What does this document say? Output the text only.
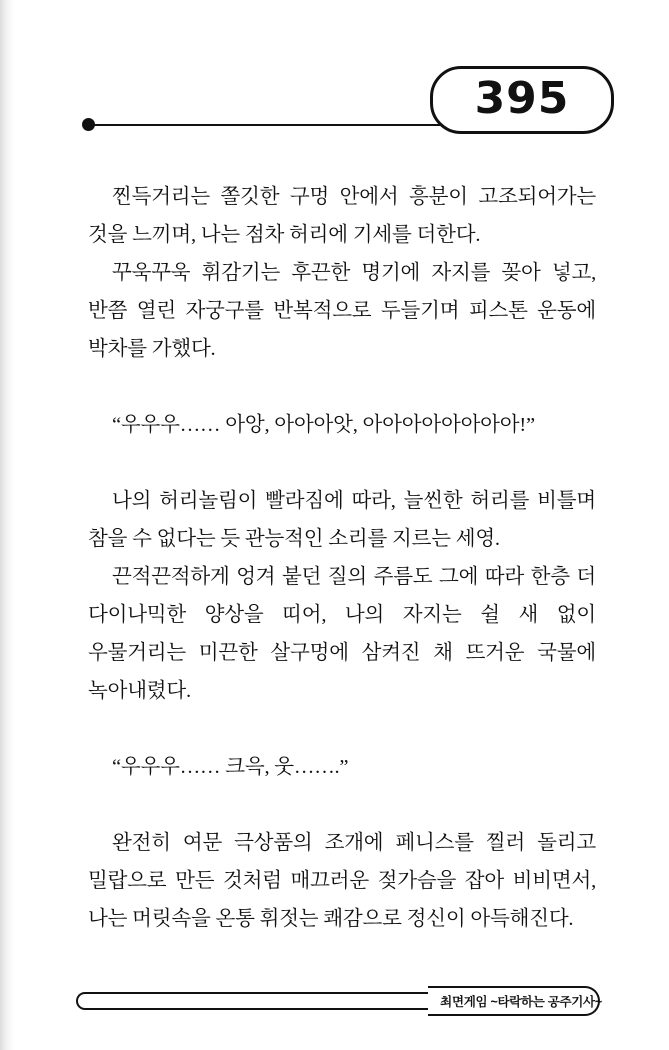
395

찐득거리는 쫄깃한 구멍 안에서 흥분이 고조되어가는 것을 느끼며, 나는 점차 허리에 기세를 더한다.

꾸욱꾸욱 휘감기는 후끈한 명기에 자지를 꽂아 넣고, 반쯤 열린 자궁구를 반복적으로 두들기며 피스톤 운동에 박차를 가했다.

“우우우…… 아앙, 아아아앗, 아아아아아아아아!”

나의 허리놀림이 빨라짐에 따라, 늘씬한 허리를 비틀며 참을 수 없다는 듯 관능적인 소리를 지르는 세영.

끈적끈적하게 엉겨 붙던 질의 주름도 그에 따라 한층 더 다이나믹한 양상을 띠어, 나의 자지는 쉴 새 없이 우물거리는 미끈한 살구멍에 삼켜진 채 뜨거운 국물에 녹아내렸다.

“우우우…… 크윽, 웃…….”

완전히 여문 극상품의 조개에 페니스를 찔러 돌리고 밀랍으로 만든 것처럼 매끄러운 젖가슴을 잡아 비비면서, 나는 머릿속을 온통 휘젓는 쾌감으로 정신이 아득해진다.

최면게임 ~타락하는 공주기사~
